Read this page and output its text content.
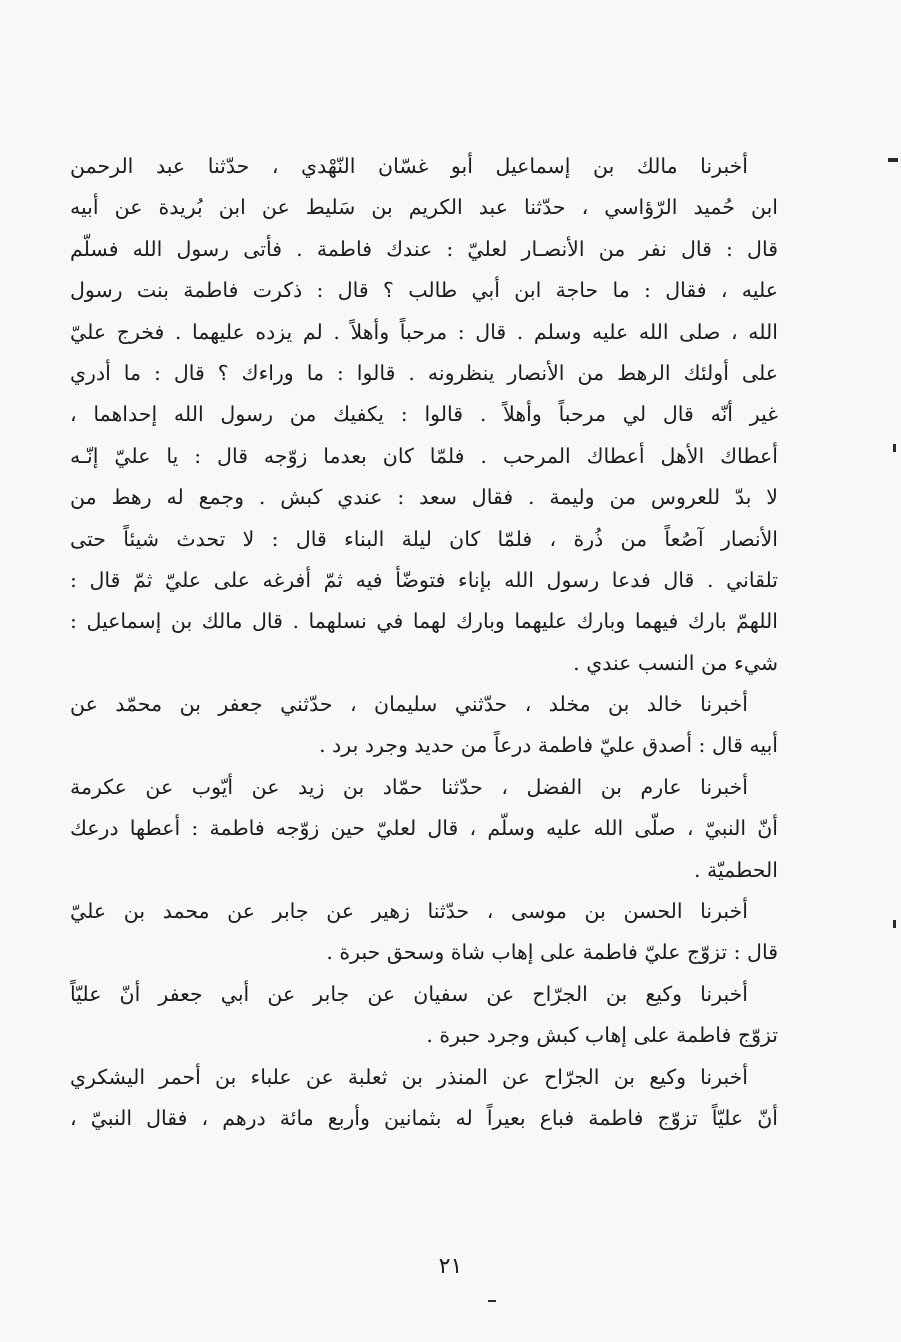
أخبرنا مالك بن إسماعيل أبو غسّان النّهْدي ، حدّثنا عبد الرحمن
ابن حُميد الرّؤاسي ، حدّثنا عبد الكريم بن سَليط عن ابن بُريدة عن أبيه
قال : قال نفر من الأنصـار لعليّ : عندك فاطمة . فأتى رسول الله فسلّم
عليه ، فقال : ما حاجة ابن أبي طالب ؟ قال : ذكرت فاطمة بنت رسول
الله ، صلى الله عليه وسلم . قال : مرحباً وأهلاً . لم يزده عليهما . فخرج عليّ
على أولئك الرهط من الأنصار ينظرونه . قالوا : ما وراءك ؟ قال : ما أدري
غير أنّه قال لي مرحباً وأهلاً . قالوا : يكفيك من رسول الله إحداهما ،
أعطاك الأهل أعطاك المرحب . فلمّا كان بعدما زوّجه قال : يا عليّ إنّـه
لا بدّ للعروس من وليمة . فقال سعد : عندي كبش . وجمع له رهط من
الأنصار آصُعاً من ذُرة ، فلمّا كان ليلة البناء قال : لا تحدث شيئاً حتى
تلقاني . قال فدعا رسول الله بإناء فتوضّأ فيه ثمّ أفرغه على عليّ ثمّ قال :
اللهمّ بارك فيهما وبارك عليهما وبارك لهما في نسلهما . قال مالك بن إسماعيل :
شيء من النسب عندي .
أخبرنا خالد بن مخلد ، حدّثني سليمان ، حدّثني جعفر بن محمّد عن
أبيه قال : أصدق عليّ فاطمة درعاً من حديد وجرد برد .
أخبرنا عارم بن الفضل ، حدّثنا حمّاد بن زيد عن أيّوب عن عكرمة
أنّ النبيّ ، صلّى الله عليه وسلّم ، قال لعليّ حين زوّجه فاطمة : أعطها درعك
الحطميّة .
أخبرنا الحسن بن موسى ، حدّثنا زهير عن جابر عن محمد بن عليّ
قال : تزوّج عليّ فاطمة على إهاب شاة وسحق حبرة .
أخبرنا وكيع بن الجرّاح عن سفيان عن جابر عن أبي جعفر أنّ عليّاً
تزوّج فاطمة على إهاب كبش وجرد حبرة .
أخبرنا وكيع بن الجرّاح عن المنذر بن ثعلبة عن علباء بن أحمر اليشكري
أنّ عليّاً تزوّج فاطمة فباع بعيراً له بثمانين وأربع مائة درهم ، فقال النبيّ ،
٢١
